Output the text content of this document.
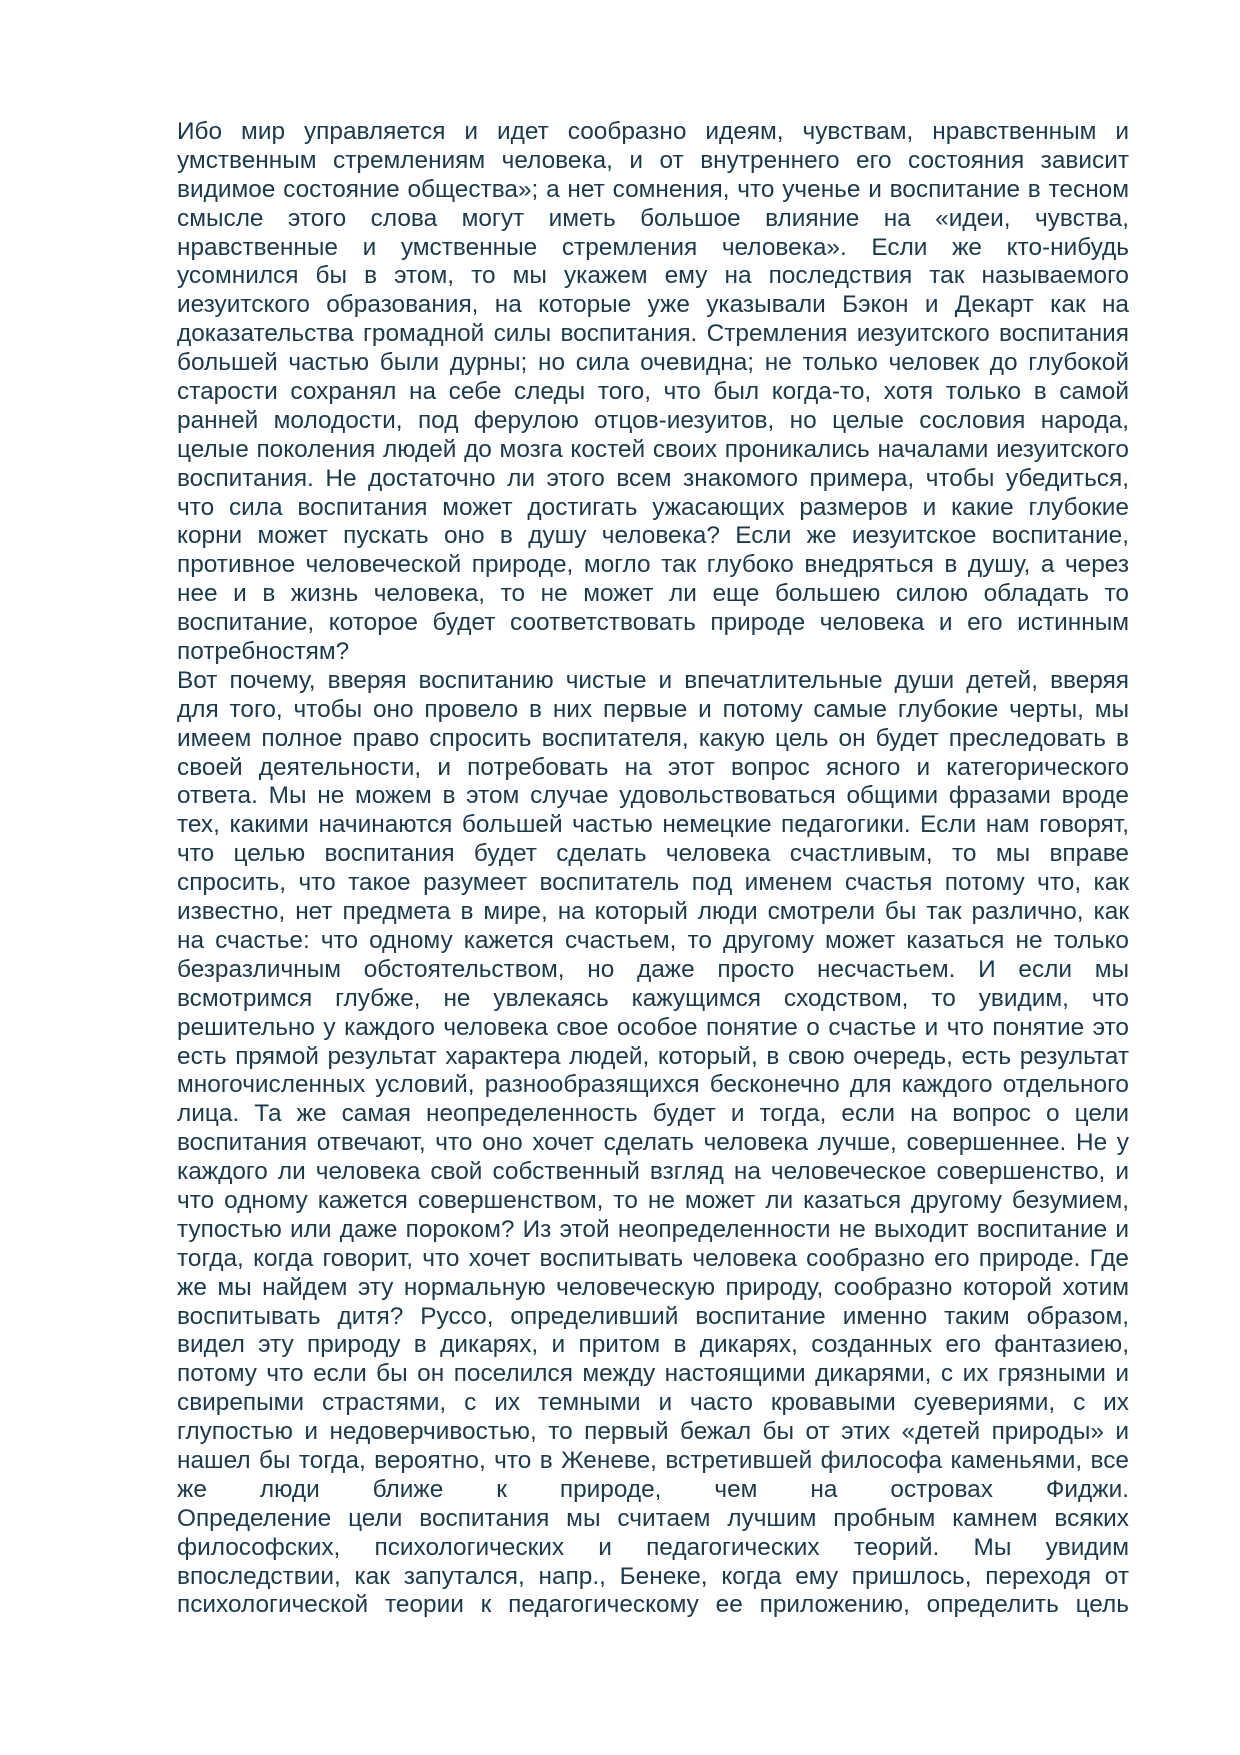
Ибо мир управляется и идет сообразно идеям, чувствам, нравственным и
умственным стремлениям человека, и от внутреннего его состояния зависит
видимое состояние общества»; а нет сомнения, что ученье и воспитание в тесном
смысле этого слова могут иметь большое влияние на «идеи, чувства,
нравственные и умственные стремления человека». Если же кто-нибудь
усомнился бы в этом, то мы укажем ему на последствия так называемого
иезуитского образования, на которые уже указывали Бэкон и Декарт как на
доказательства громадной силы воспитания. Стремления иезуитского воспитания
большей частью были дурны; но сила очевидна; не только человек до глубокой
старости сохранял на себе следы того, что был когда-то, хотя только в самой
ранней молодости, под ферулою отцов-иезуитов, но целые сословия народа,
целые поколения людей до мозга костей своих проникались началами иезуитского
воспитания. Не достаточно ли этого всем знакомого примера, чтобы убедиться,
что сила воспитания может достигать ужасающих размеров и какие глубокие
корни может пускать оно в душу человека? Если же иезуитское воспитание,
противное человеческой природе, могло так глубоко внедряться в душу, а через
нее и в жизнь человека, то не может ли еще большею силою обладать то
воспитание, которое будет соответствовать природе человека и его истинным
потребностям?
Вот почему, вверяя воспитанию чистые и впечатлительные души детей, вверяя
для того, чтобы оно провело в них первые и потому самые глубокие черты, мы
имеем полное право спросить воспитателя, какую цель он будет преследовать в
своей деятельности, и потребовать на этот вопрос ясного и категорического
ответа. Мы не можем в этом случае удовольствоваться общими фразами вроде
тех, какими начинаются большей частью немецкие педагогики. Если нам говорят,
что целью воспитания будет сделать человека счастливым, то мы вправе
спросить, что такое разумеет воспитатель под именем счастья потому что, как
известно, нет предмета в мире, на который люди смотрели бы так различно, как
на счастье: что одному кажется счастьем, то другому может казаться не только
безразличным обстоятельством, но даже просто несчастьем. И если мы
всмотримся глубже, не увлекаясь кажущимся сходством, то увидим, что
решительно у каждого человека свое особое понятие о счастье и что понятие это
есть прямой результат характера людей, который, в свою очередь, есть результат
многочисленных условий, разнообразящихся бесконечно для каждого отдельного
лица. Та же самая неопределенность будет и тогда, если на вопрос о цели
воспитания отвечают, что оно хочет сделать человека лучше, совершеннее. Не у
каждого ли человека свой собственный взгляд на человеческое совершенство, и
что одному кажется совершенством, то не может ли казаться другому безумием,
тупостью или даже пороком? Из этой неопределенности не выходит воспитание и
тогда, когда говорит, что хочет воспитывать человека сообразно его природе. Где
же мы найдем эту нормальную человеческую природу, сообразно которой хотим
воспитывать дитя? Руссо, определивший воспитание именно таким образом,
видел эту природу в дикарях, и притом в дикарях, созданных его фантазиею,
потому что если бы он поселился между настоящими дикарями, с их грязными и
свирепыми страстями, с их темными и часто кровавыми суевериями, с их
глупостью и недоверчивостью, то первый бежал бы от этих «детей природы» и
нашел бы тогда, вероятно, что в Женеве, встретившей философа каменьями, все
же люди ближе к природе, чем на островах Фиджи.
Определение цели воспитания мы считаем лучшим пробным камнем всяких
философских, психологических и педагогических теорий. Мы увидим
впоследствии, как запутался, напр., Бенеке, когда ему пришлось, переходя от
психологической теории к педагогическому ее приложению, определить цель
